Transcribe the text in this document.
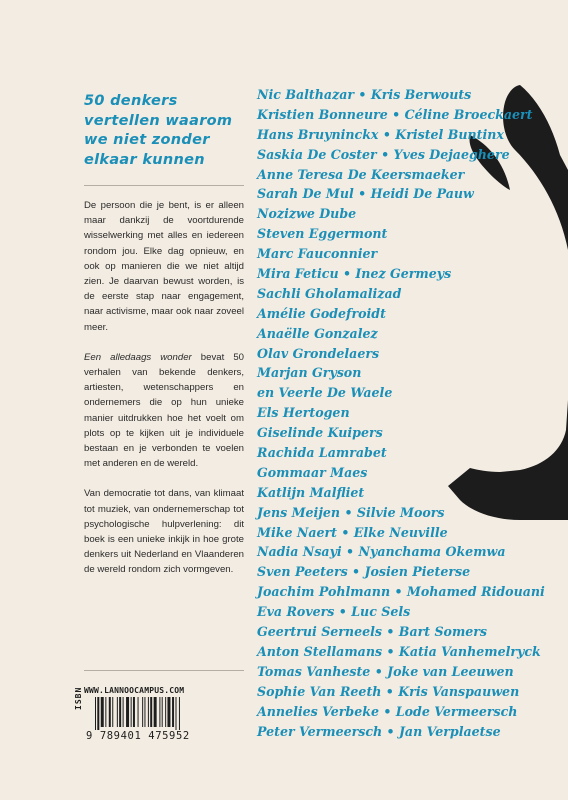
50 denkers
vertellen waarom
we niet zonder
elkaar kunnen

De persoon die je bent, is er alleen maar dankzij de voortdurende wisselwerking met alles en iedereen rondom jou. Elke dag opnieuw, en ook op manieren die we niet altijd zien. Je daarvan bewust worden, is de eerste stap naar engagement, naar activisme, maar ook naar zoveel meer.

Een alledaags wonder bevat 50 verhalen van bekende denkers, artiesten, wetenschappers en ondernemers die op hun unieke manier uitdrukken hoe het voelt om plots op te kijken uit je individuele bestaan en je verbonden te voelen met anderen en de wereld.

Van democratie tot dans, van klimaat tot muziek, van ondernemerschap tot psychologische hulpverlening: dit boek is een unieke inkijk in hoe grote denkers uit Nederland en Vlaanderen de wereld rondom zich vormgeven.

Nic Balthazar • Kris Berwouts
Kristien Bonneure • Céline Broeckaert
Hans Bruyninckx • Kristel Buntinx
Saskia De Coster • Yves Dejaeghere
Anne Teresa De Keersmaeker
Sarah De Mul • Heidi De Pauw
Nozizwe Dube
Steven Eggermont
Marc Fauconnier
Mira Feticu • Inez Germeys
Sachli Gholamalizad
Amélie Godefroidt
Anaëlle Gonzalez
Olav Grondelaers
Marjan Gryson
en Veerle De Waele
Els Hertogen
Giselinde Kuipers
Rachida Lamrabet
Gommaar Maes
Katlijn Malfliet
Jens Meijen • Silvie Moors
Mike Naert • Elke Neuville
Nadia Nsayi • Nyanchama Okemwa
Sven Peeters • Josien Pieterse
Joachim Pohlmann • Mohamed Ridouani
Eva Rovers • Luc Sels
Geertrui Serneels • Bart Somers
Anton Stellamans • Katia Vanhemelryck
Tomas Vanheste • Joke van Leeuwen
Sophie Van Reeth • Kris Vanspauwen
Annelies Verbeke • Lode Vermeersch
Peter Vermeersch • Jan Verplaetse
WWW.LANNOOCAMPUS.COM
ISBN
9 789401 475952
